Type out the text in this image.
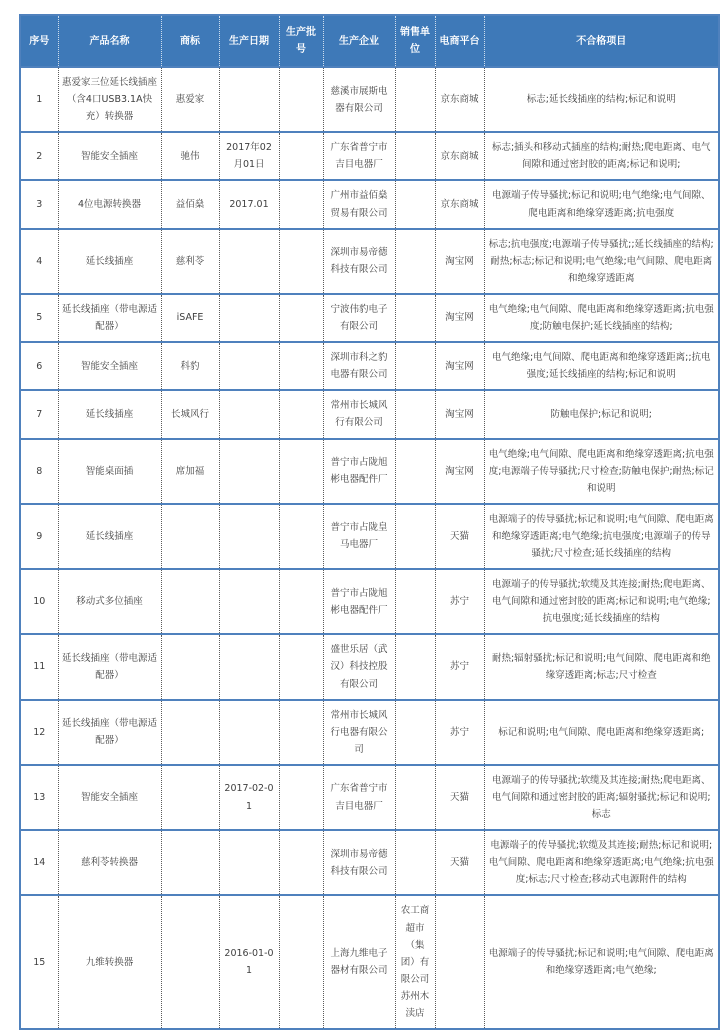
序号	产品名称	商标	生产日期	生产批号	生产企业	销售单位	电商平台	不合格项目
1	惠爱家三位延长线插座（含4口USB3.1A快充）转换器	惠爱家			慈溪市展斯电器有限公司		京东商城	标志;延长线插座的结构;标记和说明
2	智能安全插座	驰伟	2017年02月01日		广东省普宁市吉目电器厂		京东商城	标志;插头和移动式插座的结构;耐热;爬电距离、电气间隙和通过密封胶的距离;标记和说明;
3	4位电源转换器	益佰燊	2017.01		广州市益佰燊贸易有限公司		京东商城	电源端子传导骚扰;标记和说明;电气绝缘;电气间隙、爬电距离和绝缘穿透距离;抗电强度
4	延长线插座	慈利苓			深圳市易帝德科技有限公司		淘宝网	标志;抗电强度;电源端子传导骚扰;;延长线插座的结构;耐热;标志;标记和说明;电气绝缘;电气间隙、爬电距离和绝缘穿透距离
5	延长线插座（带电源适配器）	iSAFE			宁波伟豹电子有限公司		淘宝网	电气绝缘;电气间隙、爬电距离和绝缘穿透距离;抗电强度;防触电保护;延长线插座的结构;
6	智能安全插座	科豹			深圳市科之豹电器有限公司		淘宝网	电气绝缘;电气间隙、爬电距离和绝缘穿透距离;;抗电强度;延长线插座的结构;标记和说明
7	延长线插座	长城风行			常州市长城风行有限公司		淘宝网	防触电保护;标记和说明;
8	智能桌面插	席加福			普宁市占陇旭彬电器配件厂		淘宝网	电气绝缘;电气间隙、爬电距离和绝缘穿透距离;抗电强度;电源端子传导骚扰;尺寸检查;防触电保护;耐热;标记和说明
9	延长线插座				普宁市占陇皇马电器厂		天猫	电源端子的传导骚扰;标记和说明;电气间隙、爬电距离和绝缘穿透距离;电气绝缘;抗电强度;电源端子的传导骚扰;尺寸检查;延长线插座的结构
10	移动式多位插座				普宁市占陇旭彬电器配件厂		苏宁	电源端子的传导骚扰;软缆及其连接;耐热;爬电距离、电气间隙和通过密封胶的距离;标记和说明;电气绝缘;抗电强度;延长线插座的结构
11	延长线插座（带电源适配器）				盛世乐居（武汉）科技控股有限公司		苏宁	耐热;辐射骚扰;标记和说明;电气间隙、爬电距离和绝缘穿透距离;标志;尺寸检查
12	延长线插座（带电源适配器）				常州市长城风行电器有限公司		苏宁	标记和说明;电气间隙、爬电距离和绝缘穿透距离;
13	智能安全插座		2017-02-01		广东省普宁市吉目电器厂		天猫	电源端子的传导骚扰;软缆及其连接;耐热;爬电距离、电气间隙和通过密封胶的距离;辐射骚扰;标记和说明;标志
14	慈利苓转换器				深圳市易帝德科技有限公司		天猫	电源端子的传导骚扰;软缆及其连接;耐热;标记和说明;电气间隙、爬电距离和绝缘穿透距离;电气绝缘;抗电强度;标志;尺寸检查;移动式电源附件的结构
15	九维转换器		2016-01-01		上海九维电子器材有限公司	农工商超市（集团）有限公司苏州木渎店		电源端子的传导骚扰;标记和说明;电气间隙、爬电距离和绝缘穿透距离;电气绝缘;
